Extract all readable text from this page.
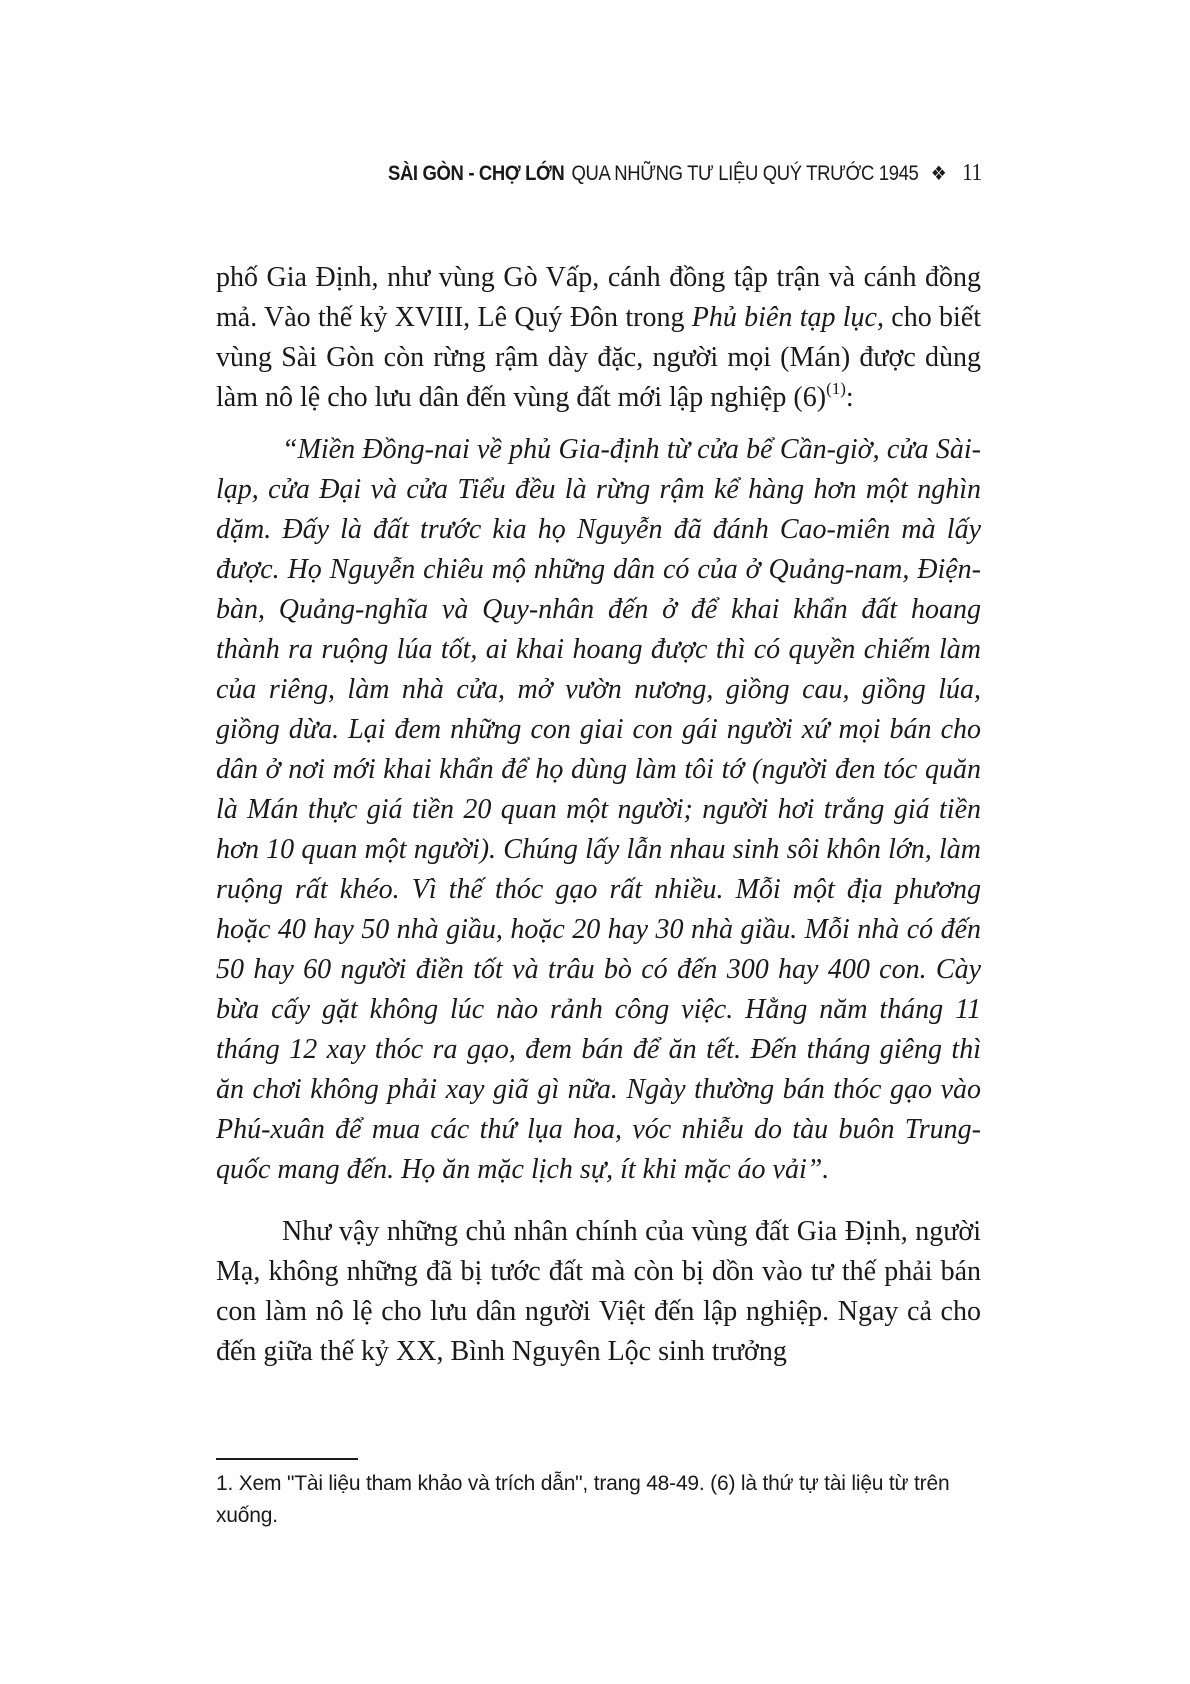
SÀI GÒN - CHỢ LỚN QUA NHỮNG TƯ LIỆU QUÝ TRƯỚC 1945 ❖ 11

phố Gia Định, như vùng Gò Vấp, cánh đồng tập trận và cánh đồng mả. Vào thế kỷ XVIII, Lê Quý Đôn trong Phủ biên tạp lục, cho biết vùng Sài Gòn còn rừng rậm dày đặc, người mọi (Mán) được dùng làm nô lệ cho lưu dân đến vùng đất mới lập nghiệp $(6)^{(1)}$:

“Miền Đồng-nai về phủ Gia-định từ cửa bể Cần-giờ, cửa Sài-lạp, cửa Đại và cửa Tiểu đều là rừng rậm kể hàng hơn một nghìn dặm. Đấy là đất trước kia họ Nguyễn đã đánh Cao-miên mà lấy được. Họ Nguyễn chiêu mộ những dân có của ở Quảng-nam, Điện-bàn, Quảng-nghĩa và Quy-nhân đến ở để khai khẩn đất hoang thành ra ruộng lúa tốt, ai khai hoang được thì có quyền chiếm làm của riêng, làm nhà cửa, mở vườn nương, giồng cau, giồng lúa, giồng dừa. Lại đem những con giai con gái người xứ mọi bán cho dân ở nơi mới khai khẩn để họ dùng làm tôi tớ (người đen tóc quăn là Mán thực giá tiền 20 quan một người; người hơi trắng giá tiền hơn 10 quan một người). Chúng lấy lẫn nhau sinh sôi khôn lớn, làm ruộng rất khéo. Vì thế thóc gạo rất nhiều. Mỗi một địa phương hoặc 40 hay 50 nhà giầu, hoặc 20 hay 30 nhà giầu. Mỗi nhà có đến 50 hay 60 người điền tốt và trâu bò có đến 300 hay 400 con. Cày bừa cấy gặt không lúc nào rảnh công việc. Hằng năm tháng 11 tháng 12 xay thóc ra gạo, đem bán để ăn tết. Đến tháng giêng thì ăn chơi không phải xay giã gì nữa. Ngày thường bán thóc gạo vào Phú-xuân để mua các thứ lụa hoa, vóc nhiễu do tàu buôn Trung-quốc mang đến. Họ ăn mặc lịch sự, ít khi mặc áo vải”.

Như vậy những chủ nhân chính của vùng đất Gia Định, người Mạ, không những đã bị tước đất mà còn bị dồn vào tư thế phải bán con làm nô lệ cho lưu dân người Việt đến lập nghiệp. Ngay cả cho đến giữa thế kỷ XX, Bình Nguyên Lộc sinh trưởng

1. Xem "Tài liệu tham khảo và trích dẫn", trang 48-49. (6) là thứ tự tài liệu từ trên xuống.
